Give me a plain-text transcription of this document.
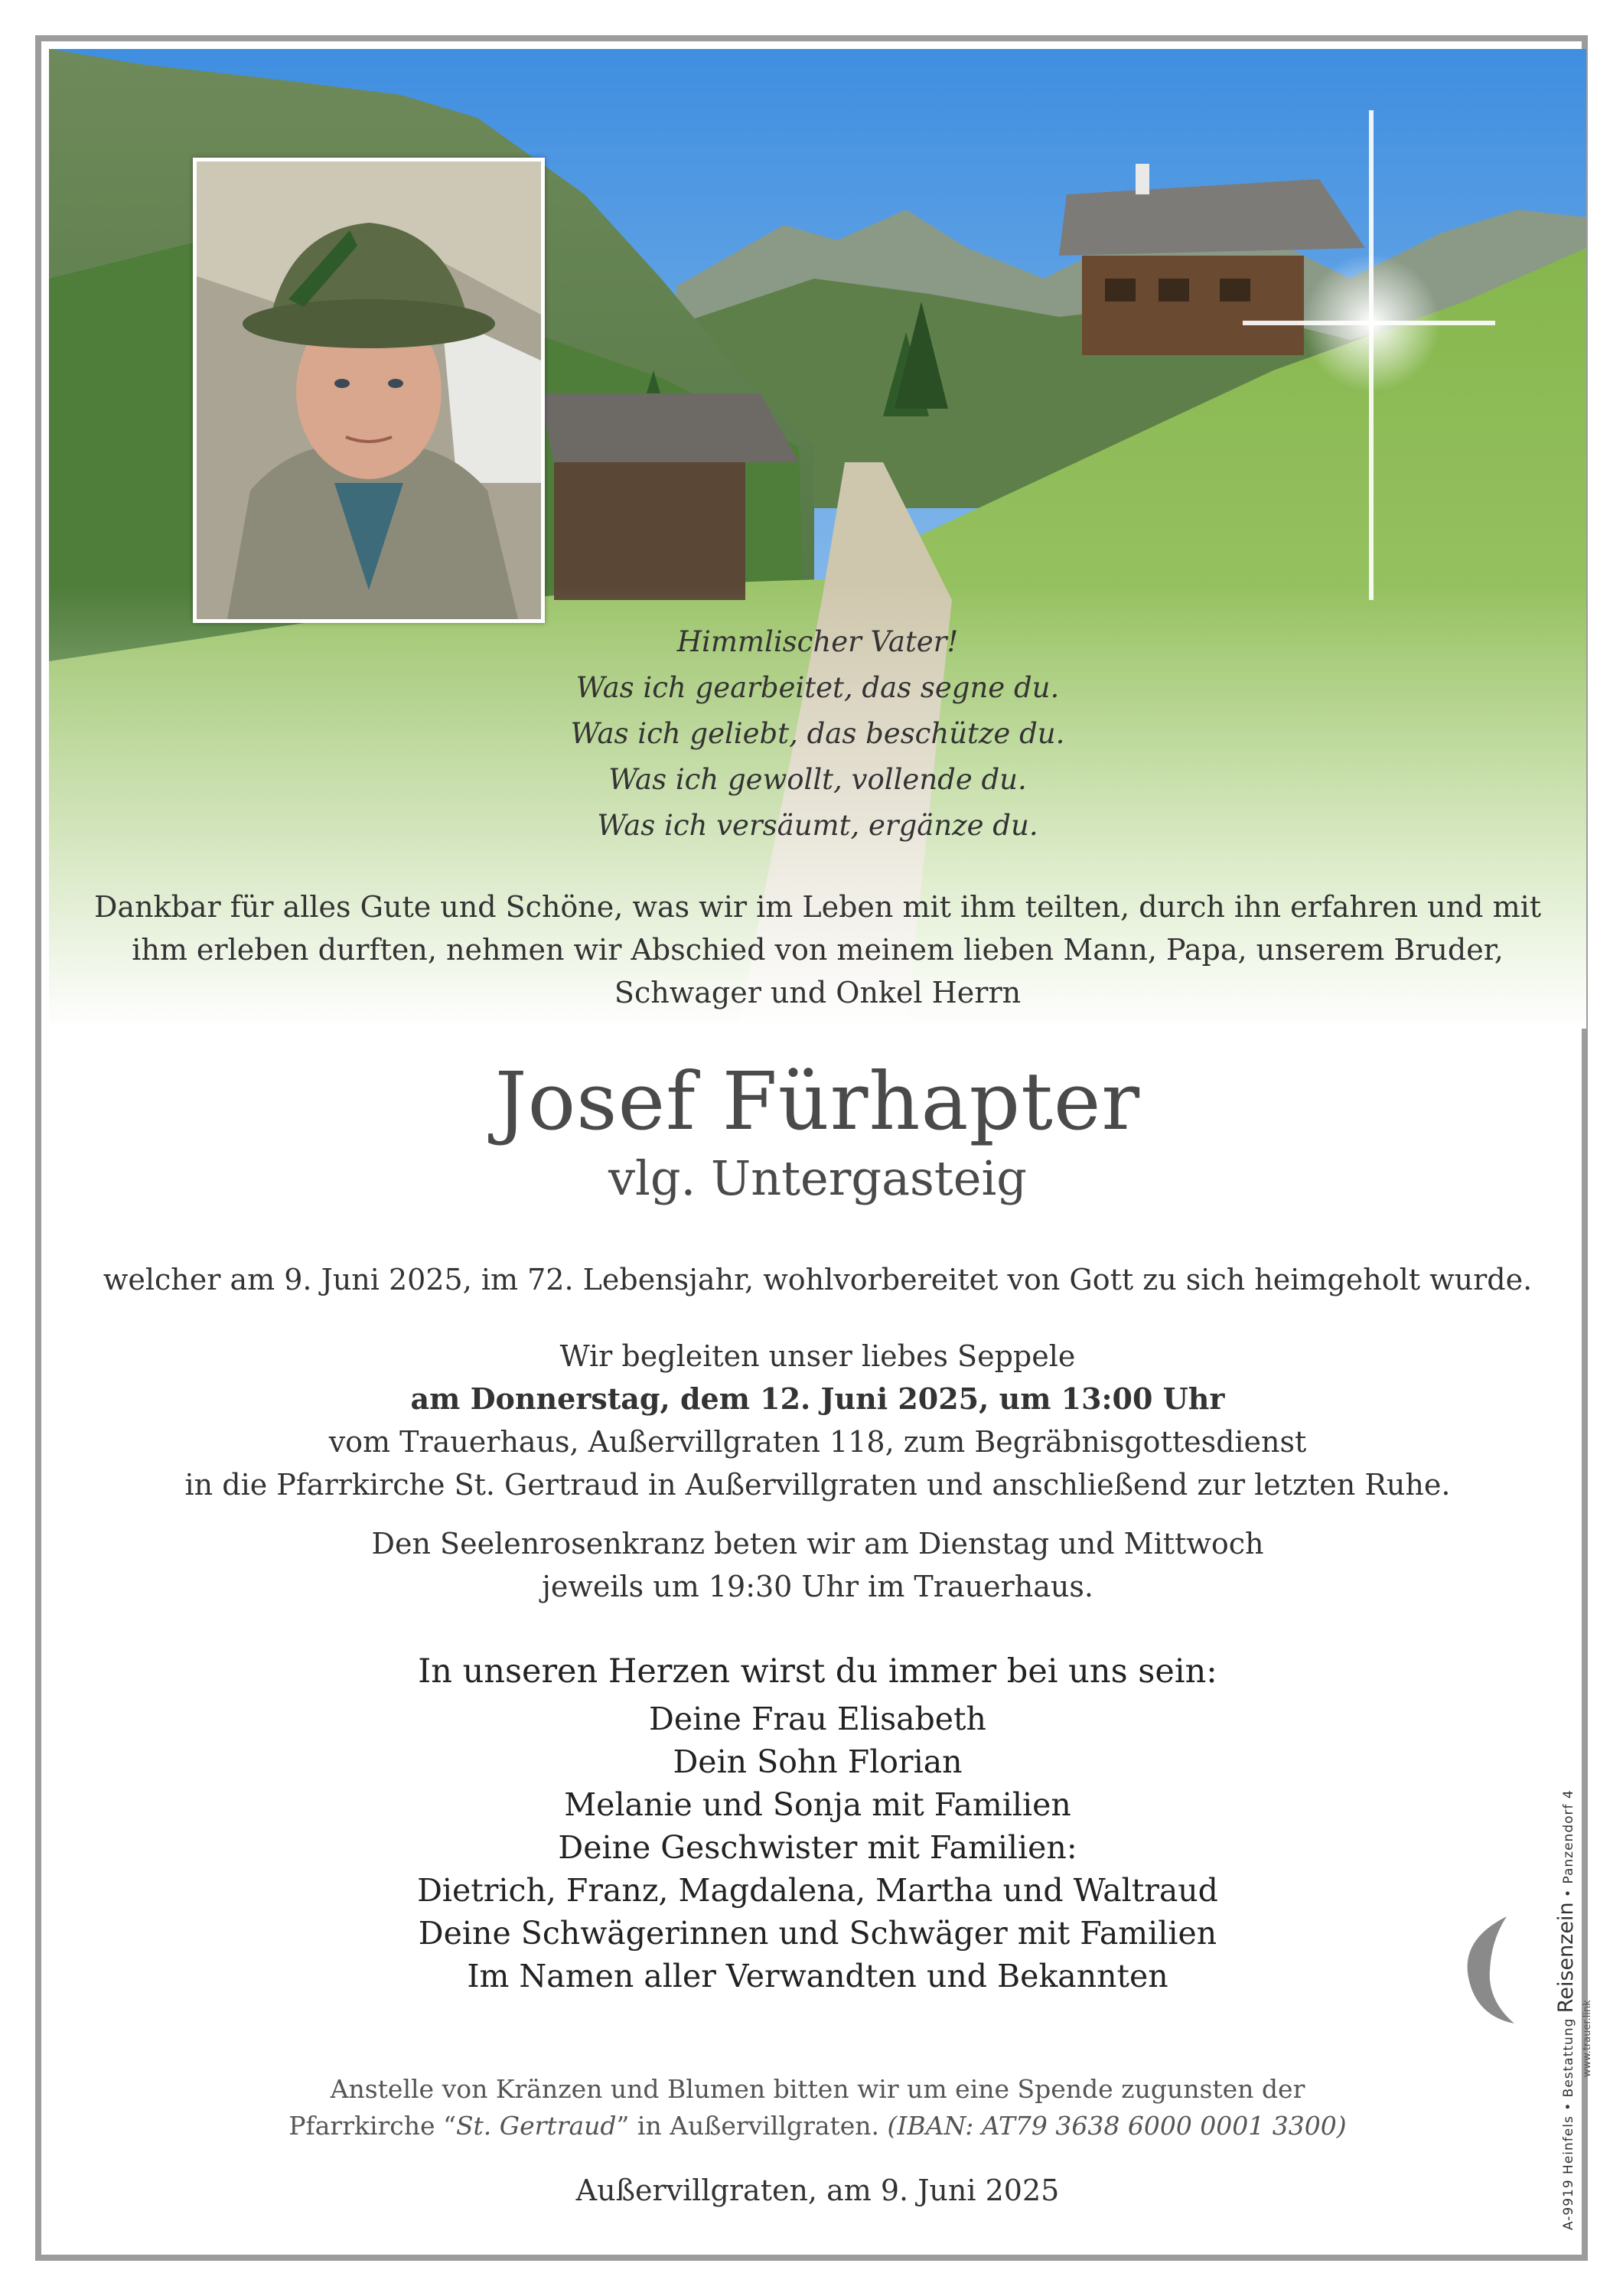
Himmlischer Vater!
Was ich gearbeitet, das segne du.
Was ich geliebt, das beschütze du.
Was ich gewollt, vollende du.
Was ich versäumt, ergänze du.
Dankbar für alles Gute und Schöne, was wir im Leben mit ihm teilten, durch ihn erfahren und mit
ihm erleben durften, nehmen wir Abschied von meinem lieben Mann, Papa, unserem Bruder,
Schwager und Onkel Herrn
Josef Fürhapter
vlg. Untergasteig
welcher am 9. Juni 2025, im 72. Lebensjahr, wohlvorbereitet von Gott zu sich heimgeholt wurde.
Wir begleiten unser liebes Seppele
am Donnerstag, dem 12. Juni 2025, um 13:00 Uhr
vom Trauerhaus, Außervillgraten 118, zum Begräbnisgottesdienst
in die Pfarrkirche St. Gertraud in Außervillgraten und anschließend zur letzten Ruhe.
Den Seelenrosenkranz beten wir am Dienstag und Mittwoch
jeweils um 19:30 Uhr im Trauerhaus.
In unseren Herzen wirst du immer bei uns sein:
Deine Frau Elisabeth
Dein Sohn Florian
Melanie und Sonja mit Familien
Deine Geschwister mit Familien:
Dietrich, Franz, Magdalena, Martha und Waltraud
Deine Schwägerinnen und Schwäger mit Familien
Im Namen aller Verwandten und Bekannten
Anstelle von Kränzen und Blumen bitten wir um eine Spende zugunsten der
Pfarrkirche “St. Gertraud” in Außervillgraten. (IBAN: AT79 3638 6000 0001 3300)
Außervillgraten, am 9. Juni 2025	A-9919 Heinfels • Bestattung Reisenzein • Panzendorf 4
www.trauer.link
